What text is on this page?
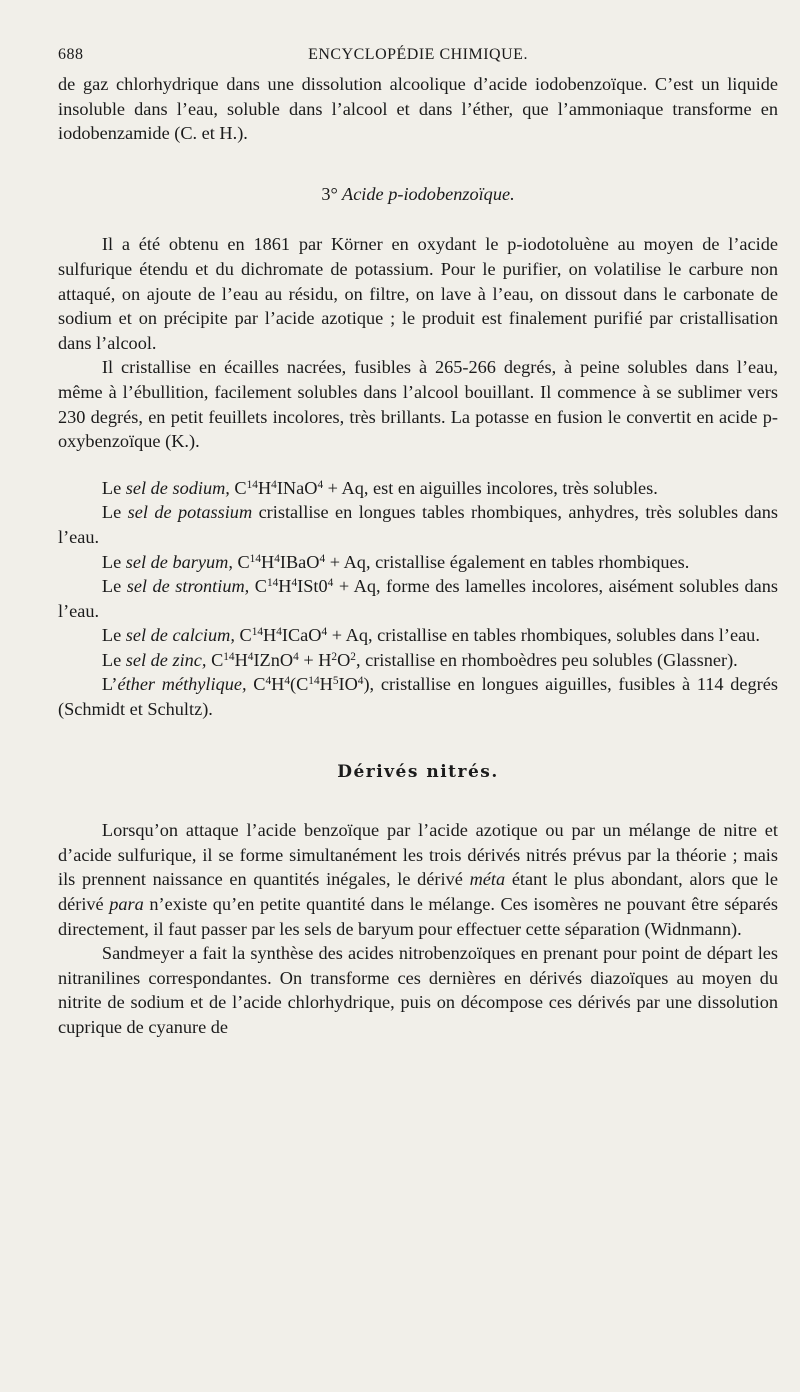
688	ENCYCLOPÉDIE CHIMIQUE.

de gaz chlorhydrique dans une dissolution alcoolique d’acide iodobenzoïque. C’est un liquide insoluble dans l’eau, soluble dans l’alcool et dans l’éther, que l’ammoniaque transforme en iodobenzamide (C. et H.).

3° Acide p-iodobenzoïque.

Il a été obtenu en 1861 par Körner en oxydant le p-iodotoluène au moyen de l’acide sulfurique étendu et du dichromate de potassium. Pour le purifier, on volatilise le carbure non attaqué, on ajoute de l’eau au résidu, on filtre, on lave à l’eau, on dissout dans le carbonate de sodium et on précipite par l’acide azotique ; le produit est finalement purifié par cristallisation dans l’alcool.

Il cristallise en écailles nacrées, fusibles à 265-266 degrés, à peine solubles dans l’eau, même à l’ébullition, facilement solubles dans l’alcool bouillant. Il commence à se sublimer vers 230 degrés, en petit feuillets incolores, très brillants. La potasse en fusion le convertit en acide p-oxybenzoïque (K.).

Le sel de sodium, $C^{14}H^4INaO^4 + Aq$, est en aiguilles incolores, très solubles.

Le sel de potassium cristallise en longues tables rhombiques, anhydres, très solubles dans l’eau.

Le sel de baryum, $C^{14}H^4IBaO^4 + Aq$, cristallise également en tables rhombiques.

Le sel de strontium, $C^{14}H^4ISt0^4 + Aq$, forme des lamelles incolores, aisément solubles dans l’eau.

Le sel de calcium, $C^{14}H^4ICaO^4 + Aq$, cristallise en tables rhombiques, solubles dans l’eau.

Le sel de zinc, $C^{14}H^4IZnO^4 + H^2O^2$, cristallise en rhomboèdres peu solubles (Glassner).

L’éther méthylique, $C^4H^4(C^{14}H^5IO^4)$, cristallise en longues aiguilles, fusibles à 114 degrés (Schmidt et Schultz).

Dérivés nitrés.

Lorsqu’on attaque l’acide benzoïque par l’acide azotique ou par un mélange de nitre et d’acide sulfurique, il se forme simultanément les trois dérivés nitrés prévus par la théorie ; mais ils prennent naissance en quantités inégales, le dérivé méta étant le plus abondant, alors que le dérivé para n’existe qu’en petite quantité dans le mélange. Ces isomères ne pouvant être séparés directement, il faut passer par les sels de baryum pour effectuer cette séparation (Widnmann).

Sandmeyer a fait la synthèse des acides nitrobenzoïques en prenant pour point de départ les nitranilines correspondantes. On transforme ces dernières en dérivés diazoïques au moyen du nitrite de sodium et de l’acide chlorhydrique, puis on décompose ces dérivés par une dissolution cuprique de cyanure de
